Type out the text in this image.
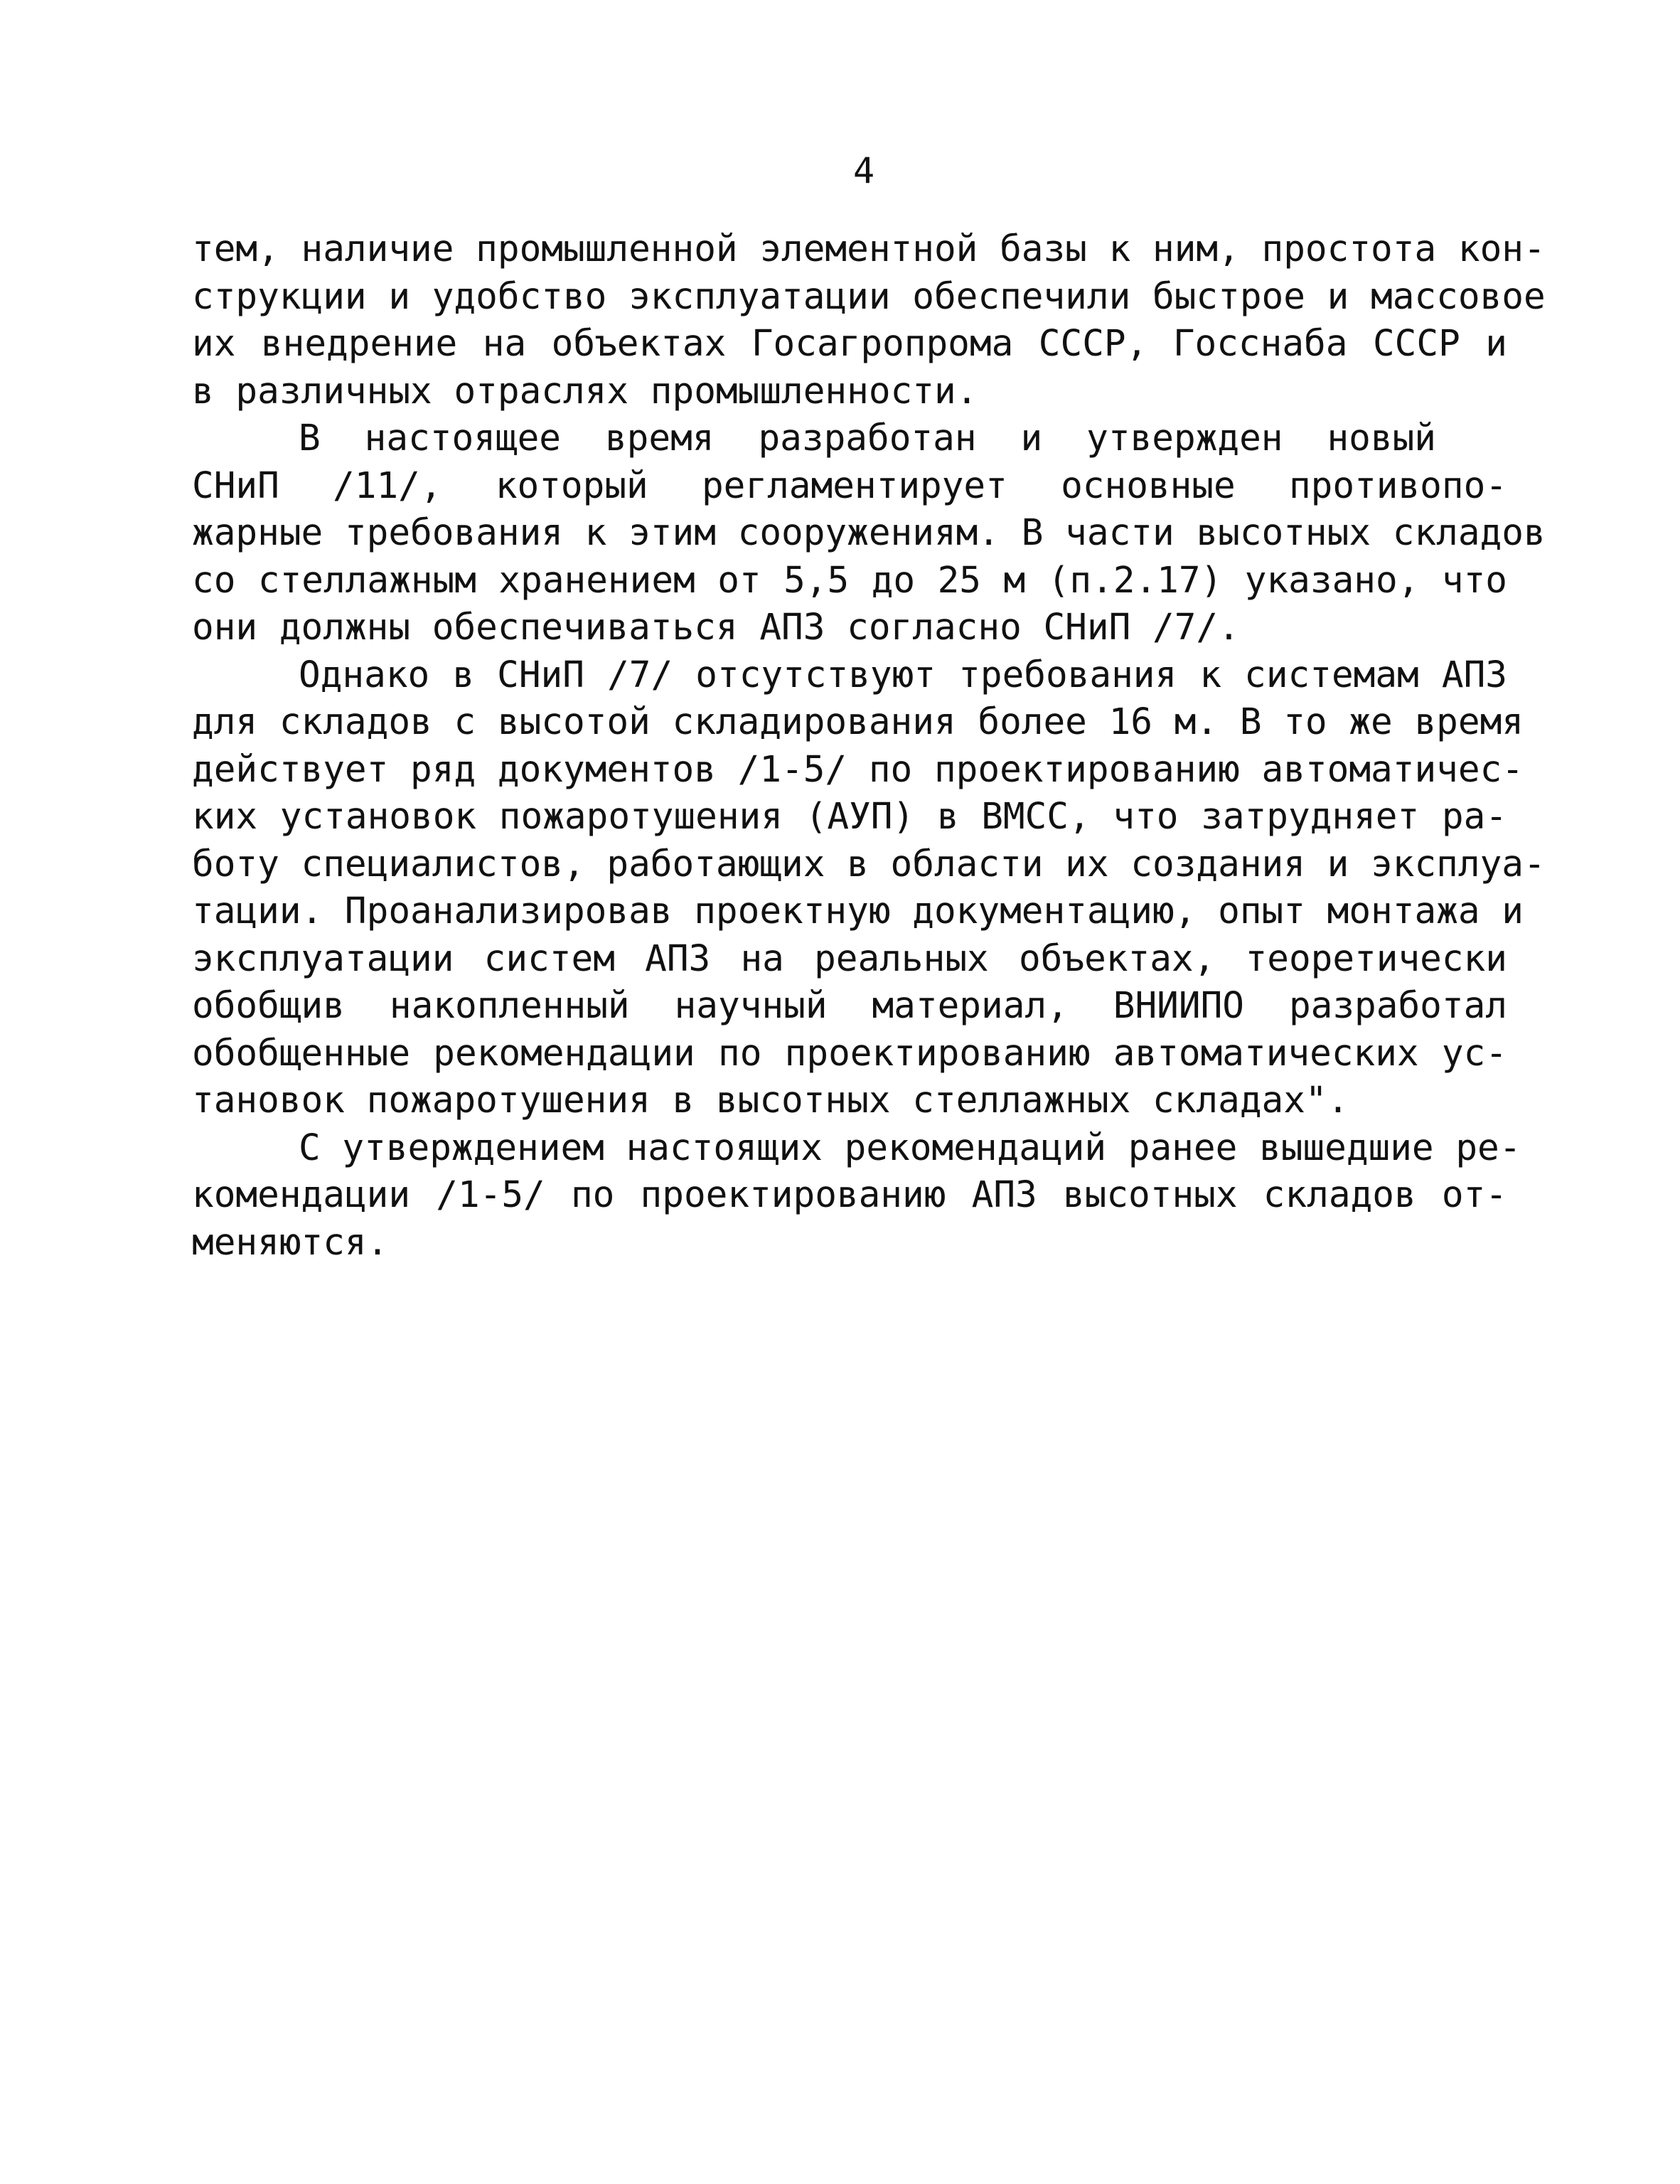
4
тем, наличие промышленной элементной базы к ним, простота кон-
струкции и удобство эксплуатации обеспечили быстрое и массовое
их внедрение на объектах Госагропрома СССР, Госснаба СССР и
в различных отраслях промышленности.
В настоящее время разработан и утвержден новый
СНиП /11/, который регламентирует основные противопо-
жарные требования к этим сооружениям. В части высотных складов
со стеллажным хранением от 5,5 до 25 м (п.2.17) указано, что
они должны обеспечиваться АПЗ согласно СНиП /7/.
Однако в СНиП /7/ отсутствуют требования к системам АПЗ
для складов с высотой складирования более 16 м. В то же время
действует ряд документов /1-5/ по проектированию автоматичес-
ких установок пожаротушения (АУП) в ВМСС, что затрудняет ра-
боту специалистов, работающих в области их создания и эксплуа-
тации. Проанализировав проектную документацию, опыт монтажа и
эксплуатации систем АПЗ на реальных объектах, теоретически
обобщив накопленный научный материал, ВНИИПО разработал
обобщенные рекомендации по проектированию автоматических ус-
тановок пожаротушения в высотных стеллажных складах".
С утверждением настоящих рекомендаций ранее вышедшие ре-
комендации /1-5/ по проектированию АПЗ высотных складов от-
меняются.
